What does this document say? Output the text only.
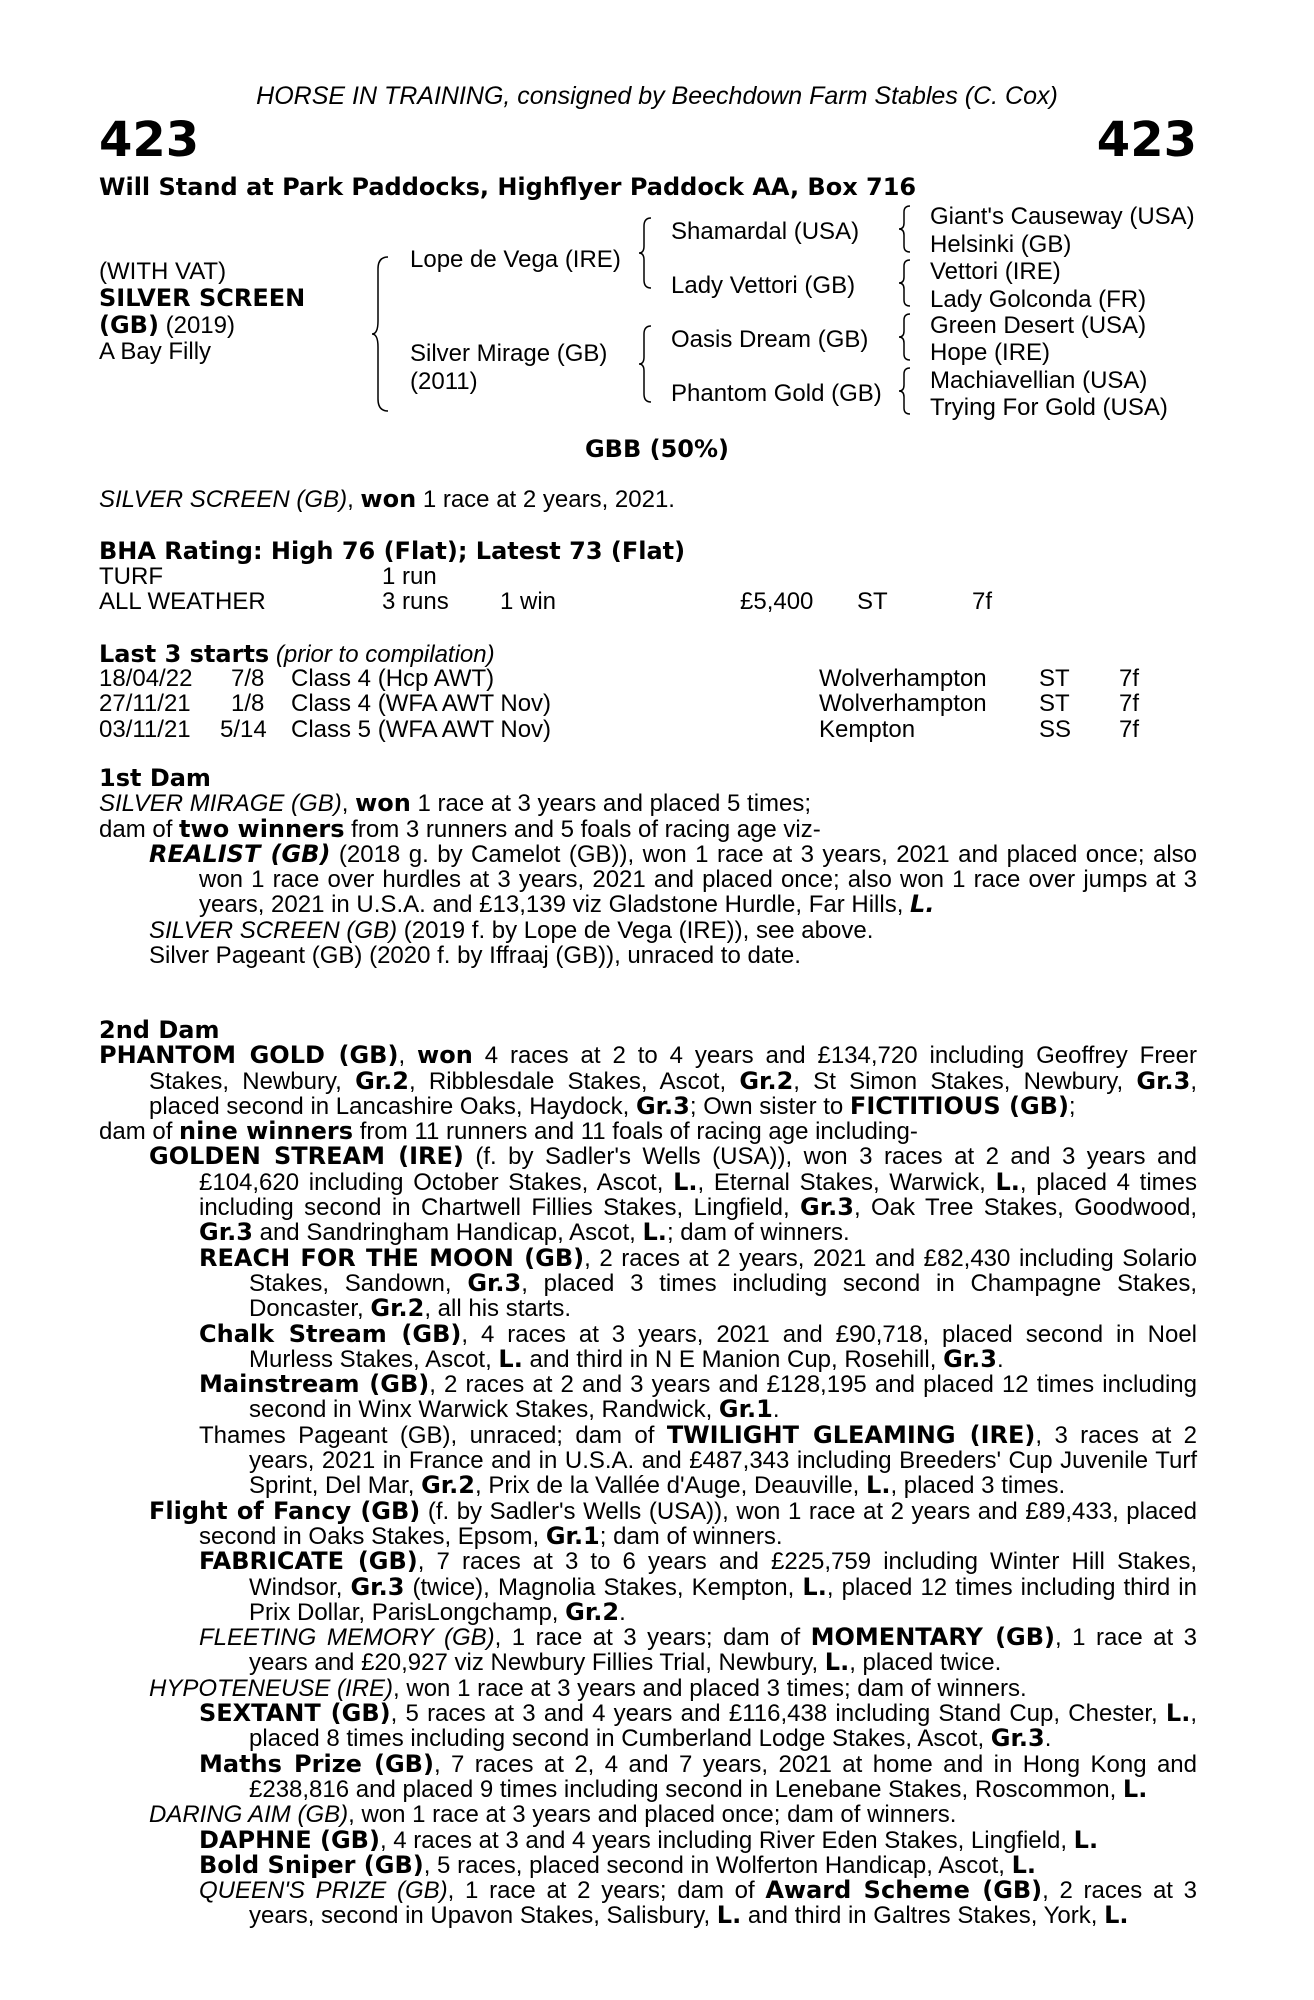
HORSE IN TRAINING, consigned by Beechdown Farm Stables (C. Cox)
423	423
Will Stand at Park Paddocks, Highflyer Paddock AA, Box 716
(WITH VAT)
SILVER SCREEN
(GB) (2019)
A Bay Filly
Lope de Vega (IRE)
Silver Mirage (GB)
(2011)
Shamardal (USA)
Lady Vettori (GB)
Oasis Dream (GB)
Phantom Gold (GB)
Giant's Causeway (USA)
Helsinki (GB)
Vettori (IRE)
Lady Golconda (FR)
Green Desert (USA)
Hope (IRE)
Machiavellian (USA)
Trying For Gold (USA)
GBB (50%)
SILVER SCREEN (GB), won 1 race at 2 years, 2021.
BHA Rating: High 76 (Flat); Latest 73 (Flat)
TURF	1 run
ALL WEATHER	3 runs 1 win	£5,400 ST	7f
Last 3 starts (prior to compilation)
18/04/22 7/8 Class 4 (Hcp AWT)	Wolverhampton ST 7f
27/11/21 1/8 Class 4 (WFA AWT Nov)	Wolverhampton ST 7f
03/11/21 5/14 Class 5 (WFA AWT Nov)	Kempton	SS 7f

1st Dam

SILVER MIRAGE (GB), won 1 race at 3 years and placed 5 times;

dam of two winners from 3 runners and 5 foals of racing age viz-

REALIST (GB) (2018 g. by Camelot (GB)), won 1 race at 3 years, 2021 and placed once; also won 1 race over hurdles at 3 years, 2021 and placed once; also won 1 race over jumps at 3 years, 2021 in U.S.A. and £13,139 viz Gladstone Hurdle, Far Hills, L.

SILVER SCREEN (GB) (2019 f. by Lope de Vega (IRE)), see above.

Silver Pageant (GB) (2020 f. by Iffraaj (GB)), unraced to date.

2nd Dam

PHANTOM GOLD (GB), won 4 races at 2 to 4 years and £134,720 including Geoffrey Freer Stakes, Newbury, Gr.2, Ribblesdale Stakes, Ascot, Gr.2, St Simon Stakes, Newbury, Gr.3, placed second in Lancashire Oaks, Haydock, Gr.3; Own sister to FICTITIOUS (GB);

dam of nine winners from 11 runners and 11 foals of racing age including-

GOLDEN STREAM (IRE) (f. by Sadler's Wells (USA)), won 3 races at 2 and 3 years and £104,620 including October Stakes, Ascot, L., Eternal Stakes, Warwick, L., placed 4 times including second in Chartwell Fillies Stakes, Lingfield, Gr.3, Oak Tree Stakes, Goodwood, Gr.3 and Sandringham Handicap, Ascot, L.; dam of winners.

REACH FOR THE MOON (GB), 2 races at 2 years, 2021 and £82,430 including Solario Stakes, Sandown, Gr.3, placed 3 times including second in Champagne Stakes, Doncaster, Gr.2, all his starts.

Chalk Stream (GB), 4 races at 3 years, 2021 and £90,718, placed second in Noel Murless Stakes, Ascot, L. and third in N E Manion Cup, Rosehill, Gr.3.

Mainstream (GB), 2 races at 2 and 3 years and £128,195 and placed 12 times including second in Winx Warwick Stakes, Randwick, Gr.1.

Thames Pageant (GB), unraced; dam of TWILIGHT GLEAMING (IRE), 3 races at 2 years, 2021 in France and in U.S.A. and £487,343 including Breeders' Cup Juvenile Turf Sprint, Del Mar, Gr.2, Prix de la Vallée d'Auge, Deauville, L., placed 3 times.

Flight of Fancy (GB) (f. by Sadler's Wells (USA)), won 1 race at 2 years and £89,433, placed second in Oaks Stakes, Epsom, Gr.1; dam of winners.

FABRICATE (GB), 7 races at 3 to 6 years and £225,759 including Winter Hill Stakes, Windsor, Gr.3 (twice), Magnolia Stakes, Kempton, L., placed 12 times including third in Prix Dollar, ParisLongchamp, Gr.2.

FLEETING MEMORY (GB), 1 race at 3 years; dam of MOMENTARY (GB), 1 race at 3 years and £20,927 viz Newbury Fillies Trial, Newbury, L., placed twice.

HYPOTENEUSE (IRE), won 1 race at 3 years and placed 3 times; dam of winners.

SEXTANT (GB), 5 races at 3 and 4 years and £116,438 including Stand Cup, Chester, L., placed 8 times including second in Cumberland Lodge Stakes, Ascot, Gr.3.

Maths Prize (GB), 7 races at 2, 4 and 7 years, 2021 at home and in Hong Kong and £238,816 and placed 9 times including second in Lenebane Stakes, Roscommon, L.

DARING AIM (GB), won 1 race at 3 years and placed once; dam of winners.

DAPHNE (GB), 4 races at 3 and 4 years including River Eden Stakes, Lingfield, L.

Bold Sniper (GB), 5 races, placed second in Wolferton Handicap, Ascot, L.

QUEEN'S PRIZE (GB), 1 race at 2 years; dam of Award Scheme (GB), 2 races at 3 years, second in Upavon Stakes, Salisbury, L. and third in Galtres Stakes, York, L.
